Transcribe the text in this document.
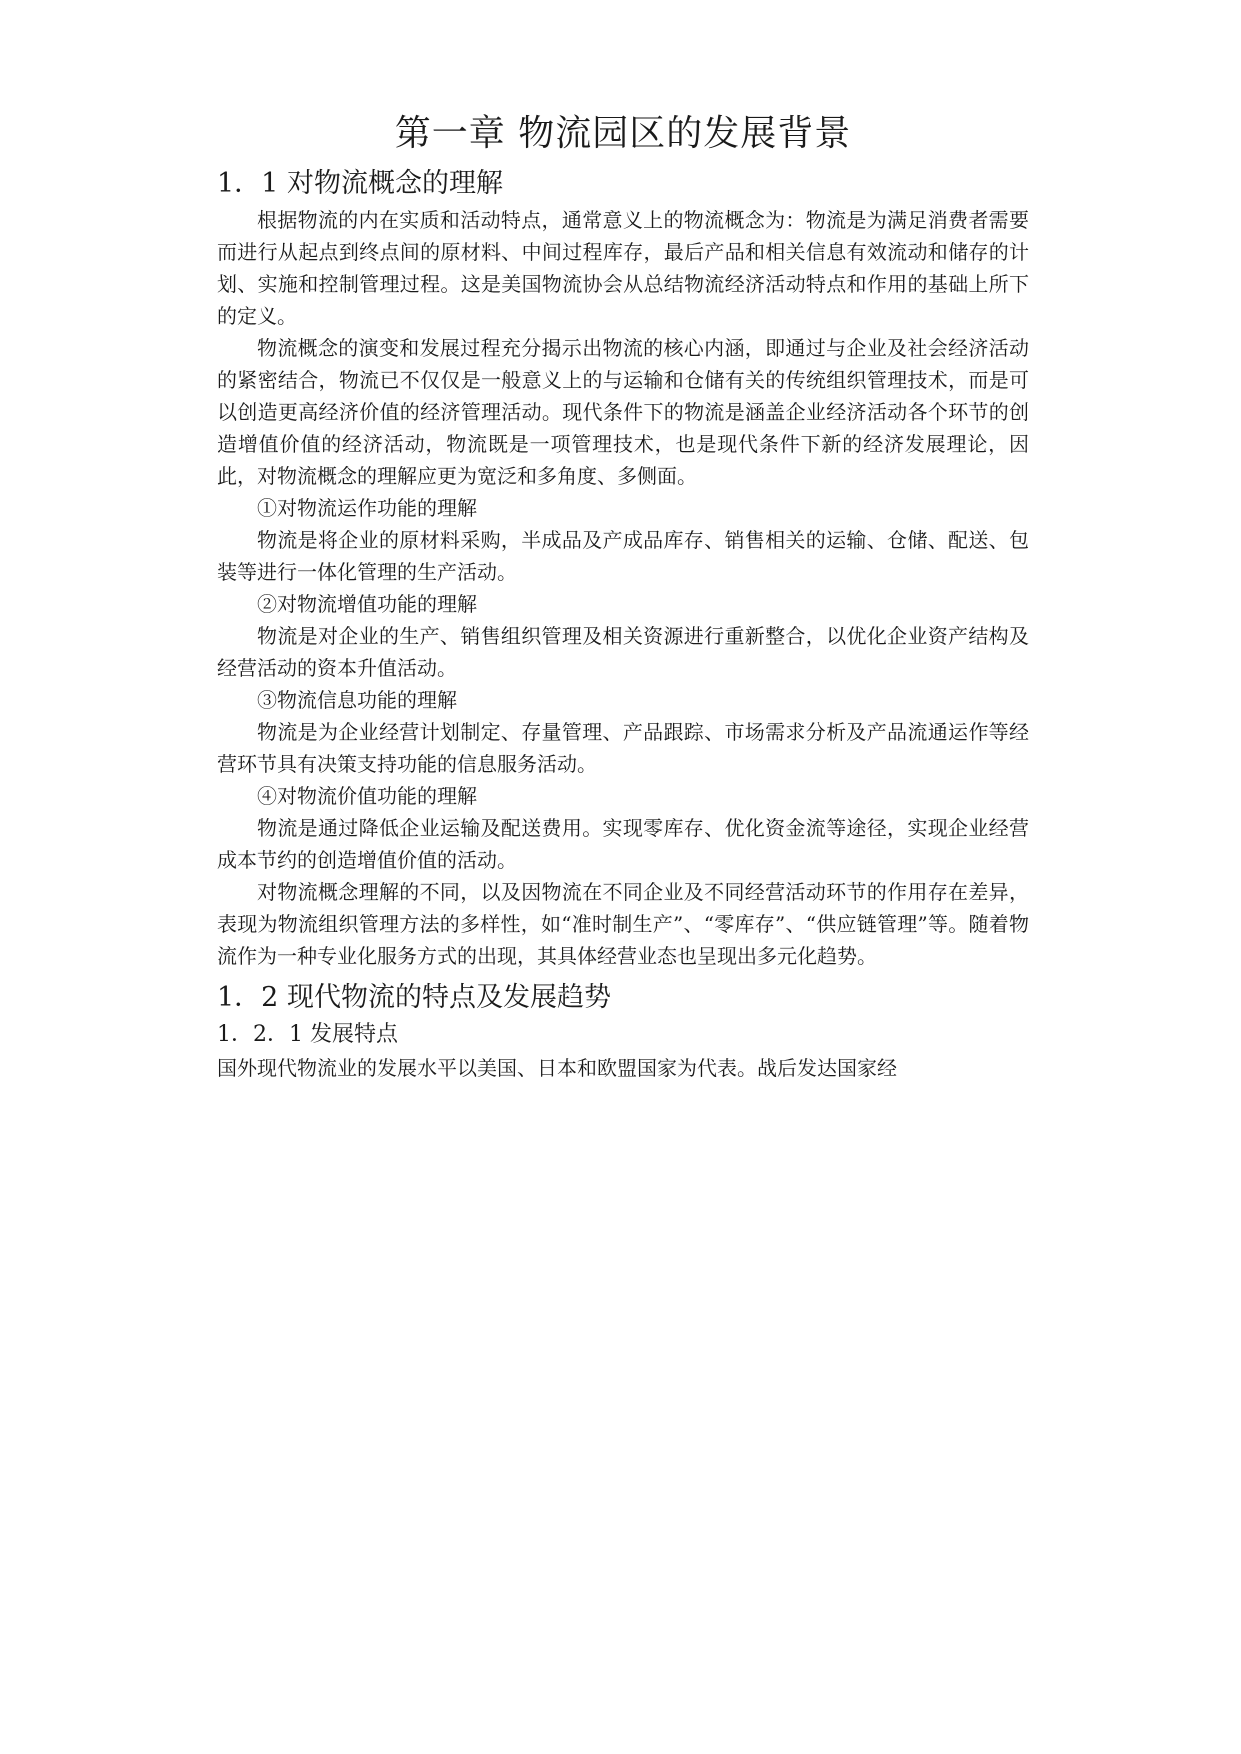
第一章 物流园区的发展背景
1．1 对物流概念的理解

根据物流的内在实质和活动特点，通常意义上的物流概念为：物流是为满足消费者需要而进行从起点到终点间的原材料、中间过程库存，最后产品和相关信息有效流动和储存的计划、实施和控制管理过程。这是美国物流协会从总结物流经济活动特点和作用的基础上所下的定义。

物流概念的演变和发展过程充分揭示出物流的核心内涵，即通过与企业及社会经济活动的紧密结合，物流已不仅仅是一般意义上的与运输和仓储有关的传统组织管理技术，而是可以创造更高经济价值的经济管理活动。现代条件下的物流是涵盖企业经济活动各个环节的创造增值价值的经济活动，物流既是一项管理技术，也是现代条件下新的经济发展理论，因此，对物流概念的理解应更为宽泛和多角度、多侧面。

①对物流运作功能的理解

物流是将企业的原材料采购，半成品及产成品库存、销售相关的运输、仓储、配送、包装等进行一体化管理的生产活动。

②对物流增值功能的理解

物流是对企业的生产、销售组织管理及相关资源进行重新整合，以优化企业资产结构及经营活动的资本升值活动。

③物流信息功能的理解

物流是为企业经营计划制定、存量管理、产品跟踪、市场需求分析及产品流通运作等经营环节具有决策支持功能的信息服务活动。

④对物流价值功能的理解

物流是通过降低企业运输及配送费用。实现零库存、优化资金流等途径，实现企业经营成本节约的创造增值价值的活动。

对物流概念理解的不同，以及因物流在不同企业及不同经营活动环节的作用存在差异，表现为物流组织管理方法的多样性，如“准时制生产”、“零库存”、“供应链管理”等。随着物流作为一种专业化服务方式的出现，其具体经营业态也呈现出多元化趋势。

1．2 现代物流的特点及发展趋势
1．2．1 发展特点

国外现代物流业的发展水平以美国、日本和欧盟国家为代表。战后发达国家经
